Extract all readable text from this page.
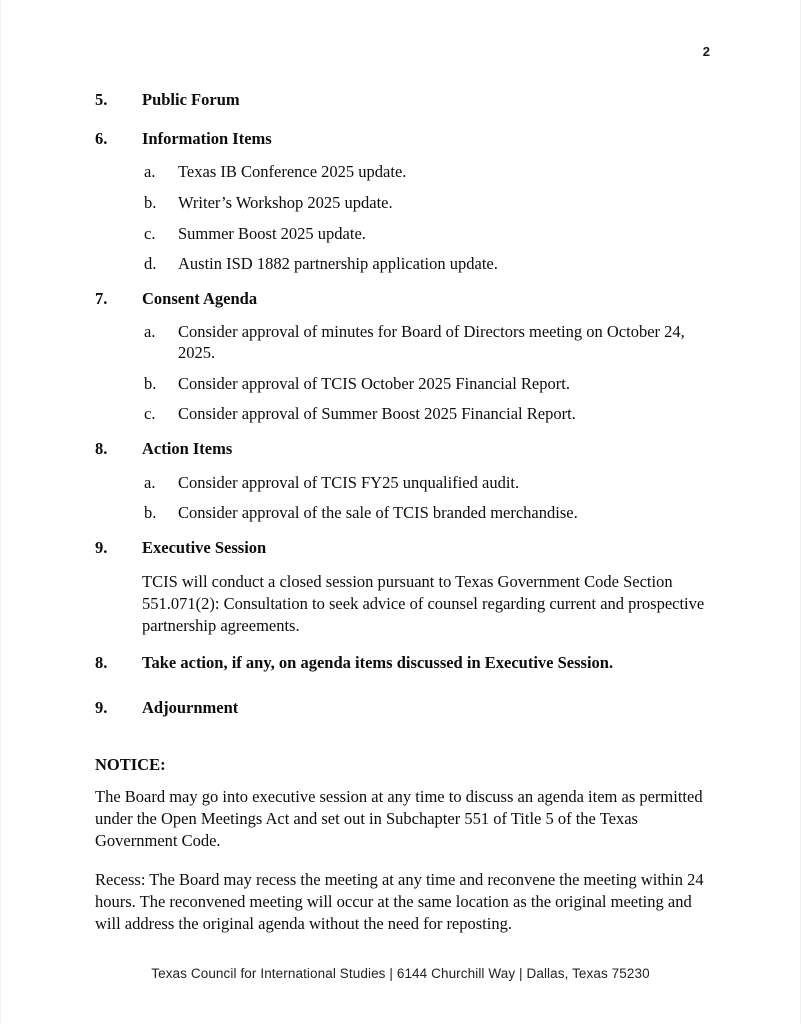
2
5.	Public Forum
6.	Information Items
a.	Texas IB Conference 2025 update.
b.	Writer’s Workshop 2025 update.
c.	Summer Boost 2025 update.
d.	Austin ISD 1882 partnership application update.
7.	Consent Agenda
a.	Consider approval of minutes for Board of Directors meeting on October 24, 2025.
b.	Consider approval of TCIS October 2025 Financial Report.
c.	Consider approval of Summer Boost 2025 Financial Report.
8.	Action Items
a.	Consider approval of TCIS FY25 unqualified audit.
b.	Consider approval of the sale of TCIS branded merchandise.
9.	Executive Session
TCIS will conduct a closed session pursuant to Texas Government Code Section 551.071(2): Consultation to seek advice of counsel regarding current and prospective partnership agreements.
8.	Take action, if any, on agenda items discussed in Executive Session.
9.	Adjournment
NOTICE:

The Board may go into executive session at any time to discuss an agenda item as permitted under the Open Meetings Act and set out in Subchapter 551 of Title 5 of the Texas Government Code.

Recess: The Board may recess the meeting at any time and reconvene the meeting within 24 hours. The reconvened meeting will occur at the same location as the original meeting and will address the original agenda without the need for reposting.

Texas Council for International Studies | 6144 Churchill Way | Dallas, Texas 75230
